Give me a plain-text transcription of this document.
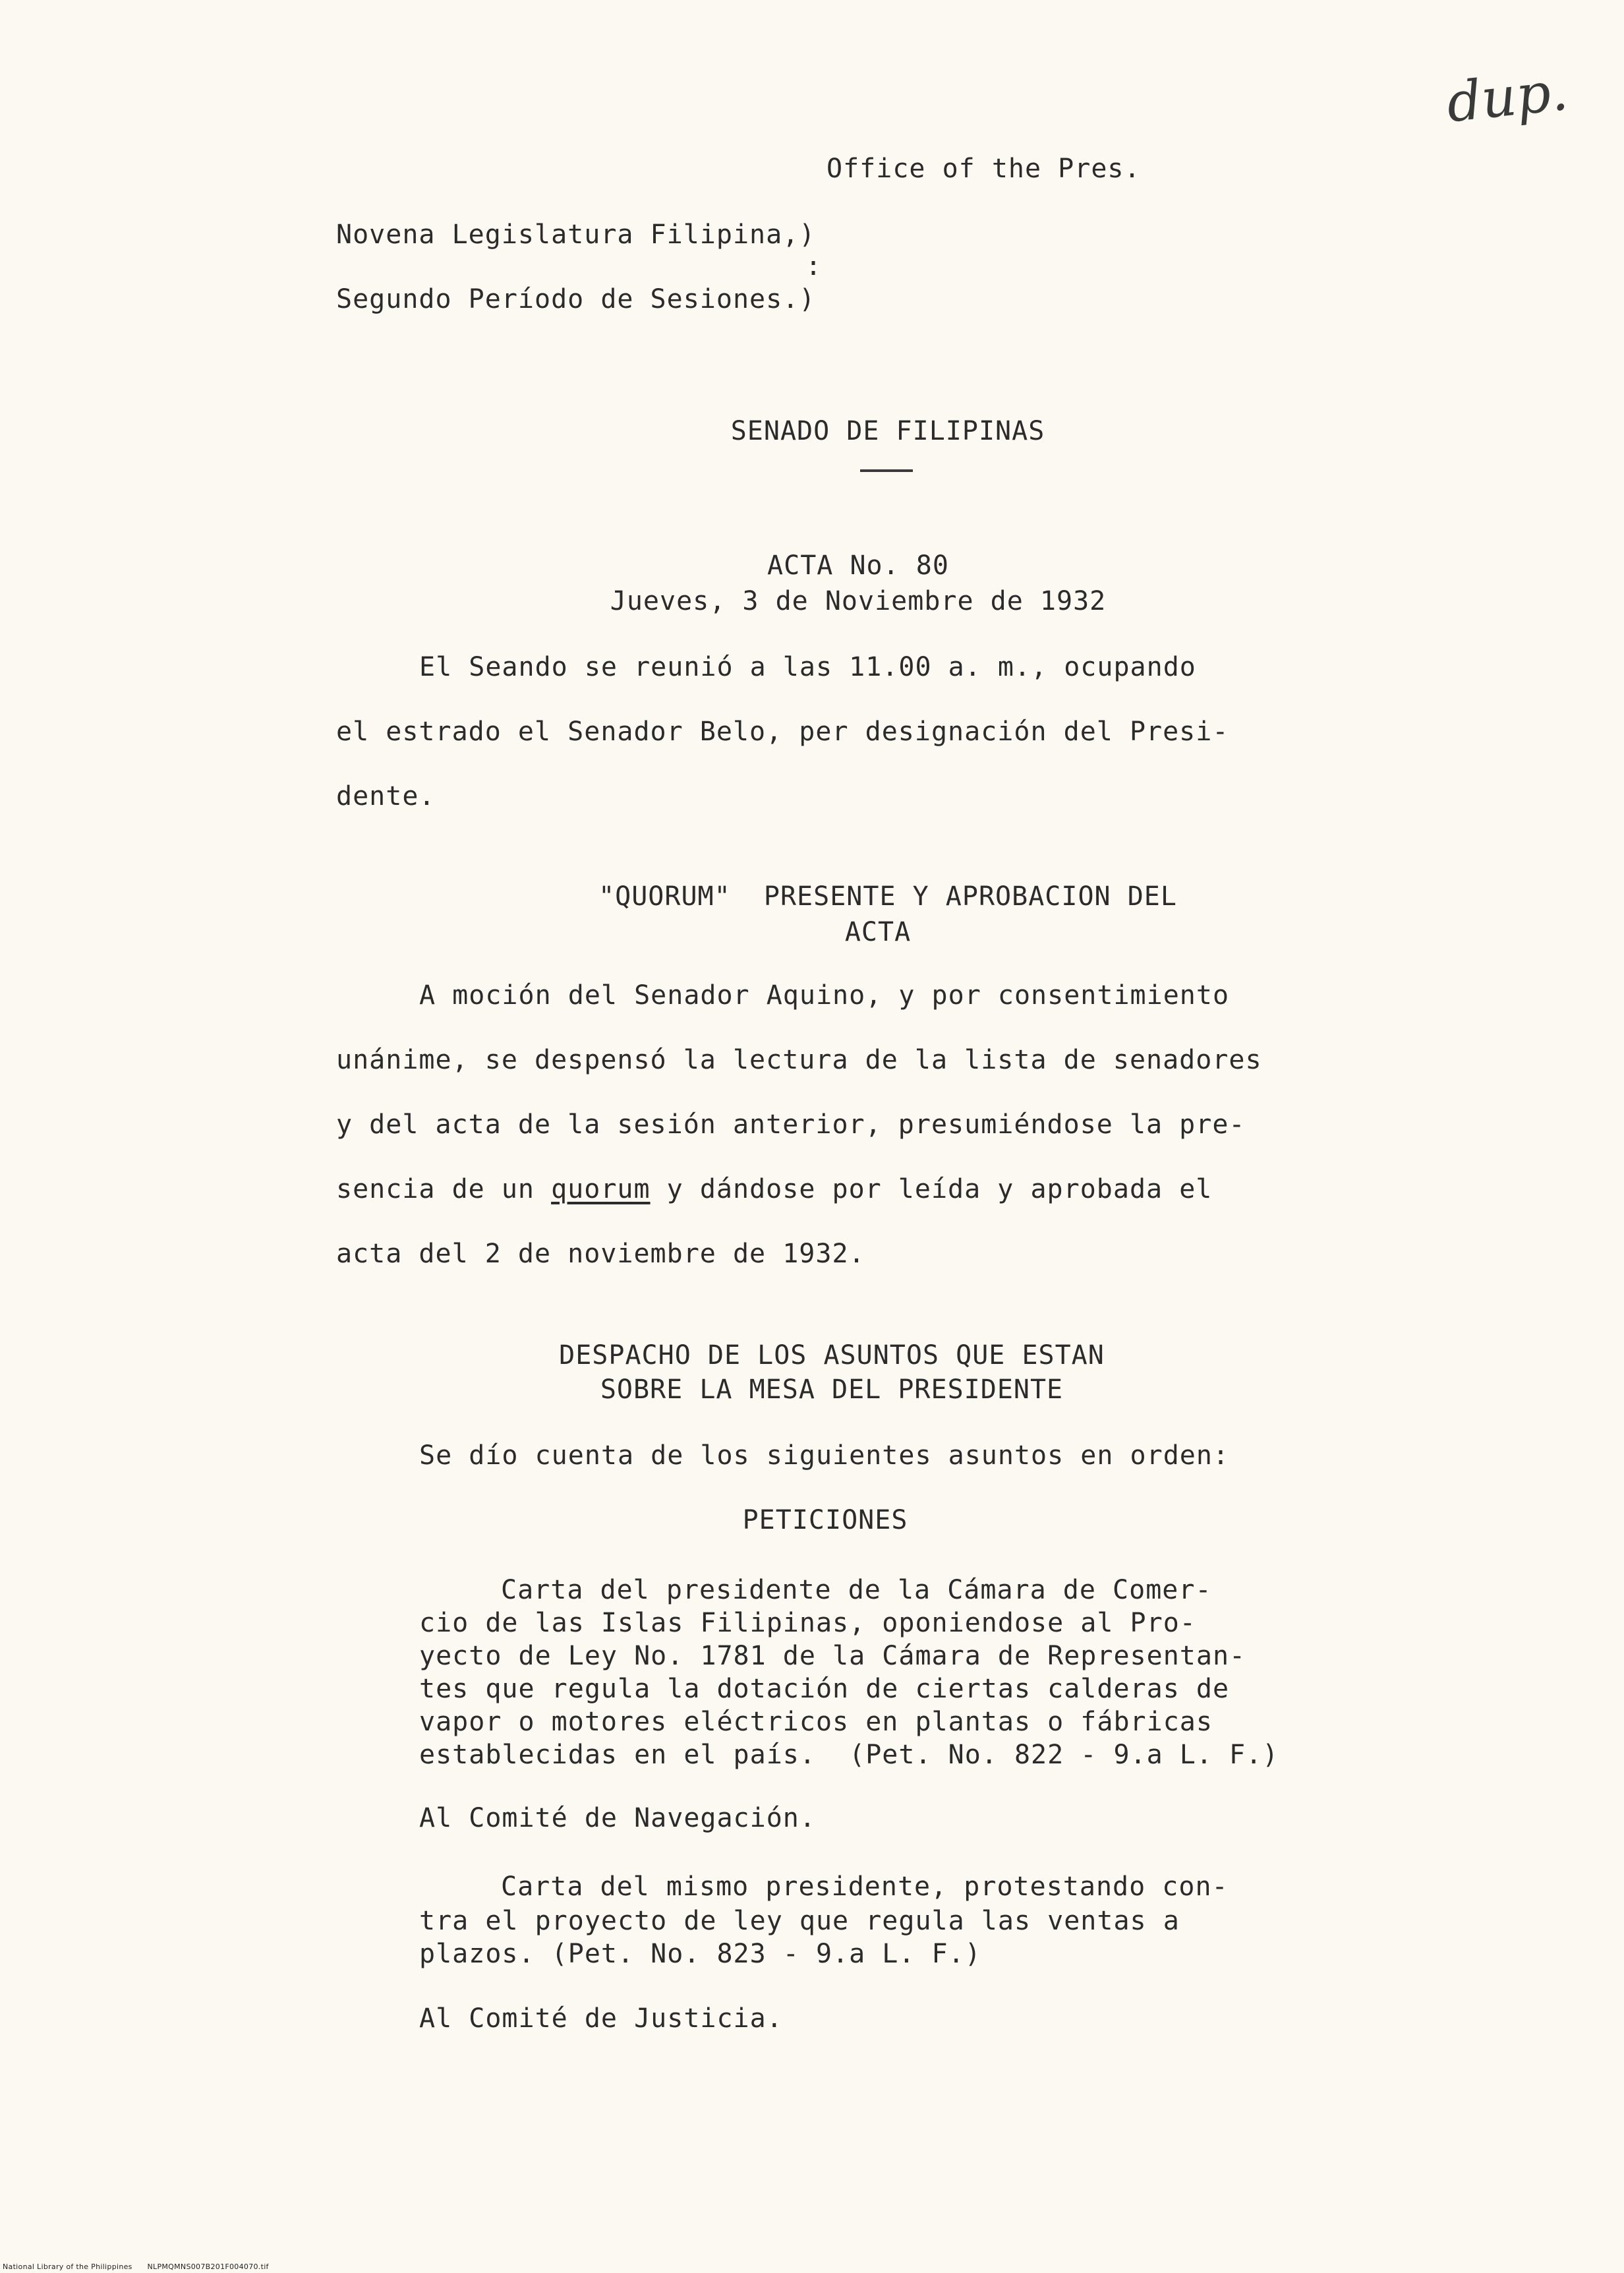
dup.
Office of the Pres.
Novena Legislatura Filipina,)
:
Segundo Período de Sesiones.)
SENADO DE FILIPINAS
ACTA No. 80
Jueves, 3 de Noviembre de 1932
El Seando se reunió a las 11.00 a. m., ocupando
el estrado el Senador Belo, per designación del Presi-
dente.
"QUORUM"  PRESENTE Y APROBACION DEL
ACTA
A moción del Senador Aquino, y por consentimiento
unánime, se despensó la lectura de la lista de senadores
y del acta de la sesión anterior, presumiéndose la pre-
sencia de un quorum y dándose por leída y aprobada el
acta del 2 de noviembre de 1932.
DESPACHO DE LOS ASUNTOS QUE ESTAN
SOBRE LA MESA DEL PRESIDENTE
Se dío cuenta de los siguientes asuntos en orden:
PETICIONES
Carta del presidente de la Cámara de Comer-
cio de las Islas Filipinas, oponiendose al Pro-
yecto de Ley No. 1781 de la Cámara de Representan-
tes que regula la dotación de ciertas calderas de
vapor o motores eléctricos en plantas o fábricas
establecidas en el país.  (Pet. No. 822 - 9.a L. F.)
Al Comité de Navegación.
Carta del mismo presidente, protestando con-
tra el proyecto de ley que regula las ventas a
plazos. (Pet. No. 823 - 9.a L. F.)
Al Comité de Justicia.
National Library of the Philippines NLPMQMNS007B201F004070.tif
